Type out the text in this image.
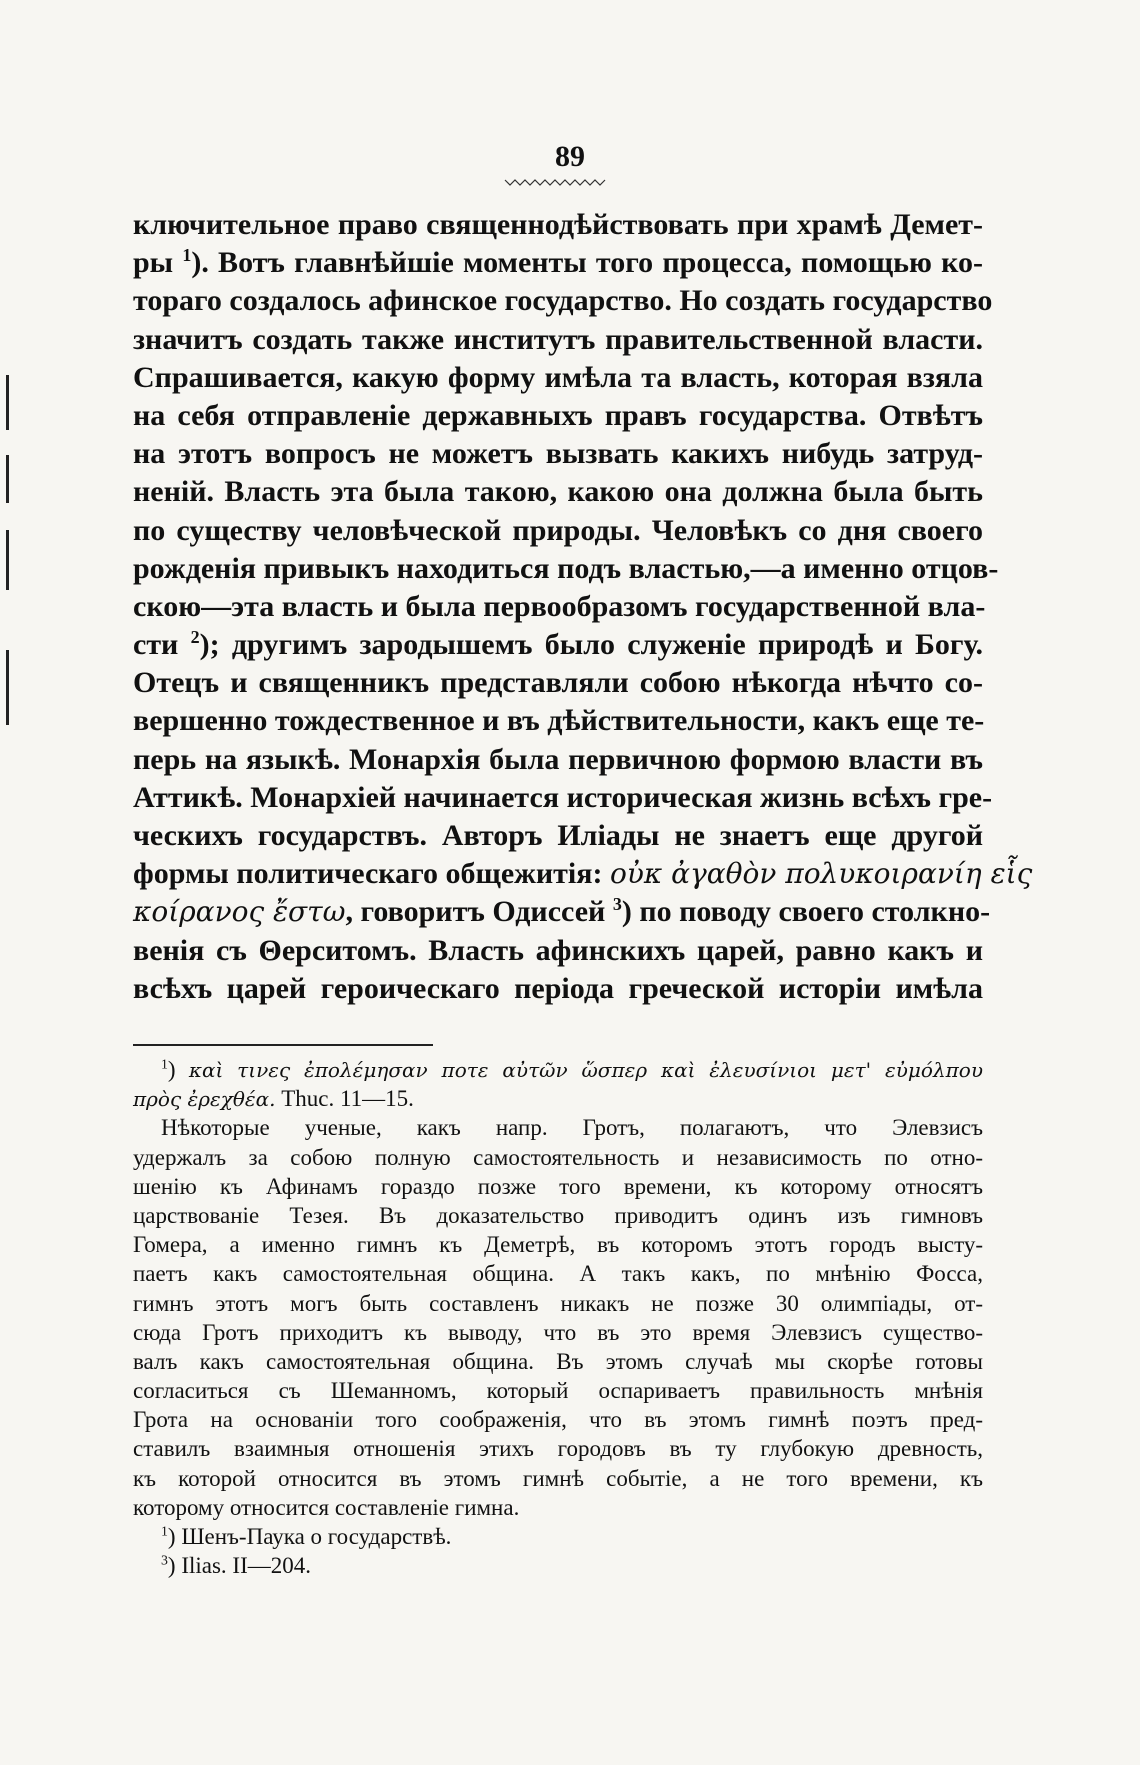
89
ключительное право священнодѣйствовать при храмѣ Демет-
ры $^1$). Вотъ главнѣйшіе моменты того процесса, помощью ко-
тораго создалось афинское государство. Но создать государство
значитъ создать также институтъ правительственной власти.
Спрашивается, какую форму имѣла та власть, которая взяла
на себя отправленіе державныхъ правъ государства. Отвѣтъ
на этотъ вопросъ не можетъ вызвать какихъ нибудь затруд-
неній. Власть эта была такою, какою она должна была быть
по существу человѣческой природы. Человѣкъ со дня своего
рожденія привыкъ находиться подъ властью,—а именно отцов-
скою—эта власть и была первообразомъ государственной вла-
сти $^2$); другимъ зародышемъ было служеніе природѣ и Богу.
Отецъ и священникъ представляли собою нѣкогда нѣчто со-
вершенно тождественное и въ дѣйствительности, какъ еще те-
перь на языкѣ. Монархія была первичною формою власти въ
Аттикѣ. Монархіей начинается историческая жизнь всѣхъ гре-
ческихъ государствъ. Авторъ Иліады не знаетъ еще другой
формы политическаго общежитія: οὐκ ἀγαθὸν πολυκοιρανίη εἷς
κοίρανος ἔστω, говоритъ Одиссей $^3$) по поводу своего столкно-
венія съ Θерситомъ. Власть афинскихъ царей, равно какъ и
всѣхъ царей героическаго періода греческой исторіи имѣла
$^1$) καὶ τινες ἐπολέμησαν ποτε αὐτῶν ὥσπερ καὶ ἐλευσίνιοι μετ' εὐμόλπου
πρὸς ἐρεχθέα. Thuc. 11—15.
Нѣкоторые ученые, какъ напр. Гротъ, полагаютъ, что Элевзисъ
удержалъ за собою полную самостоятельность и независимость по отно-
шенію къ Афинамъ гораздо позже того времени, къ которому относятъ
царствованіе Тезея. Въ доказательство приводитъ одинъ изъ гимновъ
Гомера, а именно гимнъ къ Деметрѣ, въ которомъ этотъ городъ высту-
паетъ какъ самостоятельная община. А такъ какъ, по мнѣнію Фосса,
гимнъ этотъ могъ быть составленъ никакъ не позже 30 олимпіады, от-
сюда Гротъ приходитъ къ выводу, что въ это время Элевзисъ существо-
валъ какъ самостоятельная община. Въ этомъ случаѣ мы скорѣе готовы
согласиться съ Шеманномъ, который оспариваетъ правильность мнѣнія
Грота на основаніи того соображенія, что въ этомъ гимнѣ поэтъ пред-
ставилъ взаимныя отношенія этихъ городовъ въ ту глубокую древность,
къ которой относится въ этомъ гимнѣ событіе, а не того времени, къ
которому относится составленіе гимна.
$^1$) Шенъ-Паука о государствѣ.
$^3$) Ilias. II—204.
